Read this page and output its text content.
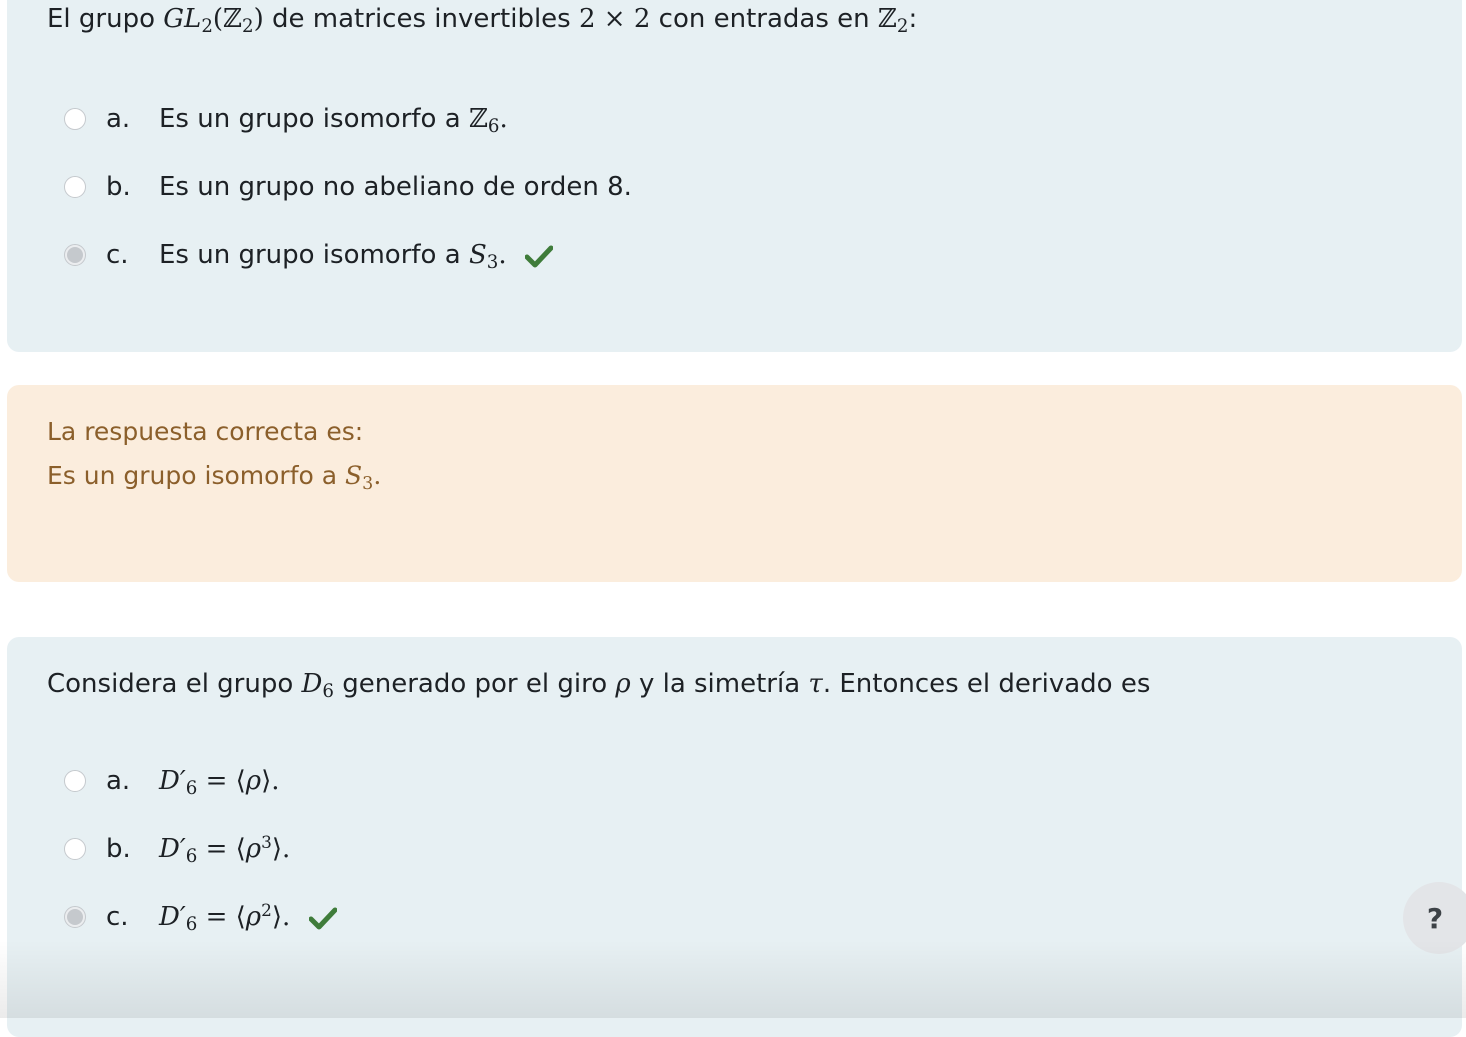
El grupo $GL_2(ℤ_2)$ de matrices invertibles 2 × 2 con entradas en ℤ$_2$:
a.	Es un grupo isomorfo a ℤ$_6$.
b.	Es un grupo no abeliano de orden 8.
c.	Es un grupo isomorfo a $S_3$.
La respuesta correcta es:
Es un grupo isomorfo a $S_3$.
Considera el grupo $D_6$ generado por el giro ρ y la simetría τ. Entonces el derivado es
a.	$D'_6$ = ⟨ρ⟩.
b.	$D'_6$ = $⟨\rho^3⟩$.
c.	$D'_6$ = $⟨\rho^2⟩$.	?
